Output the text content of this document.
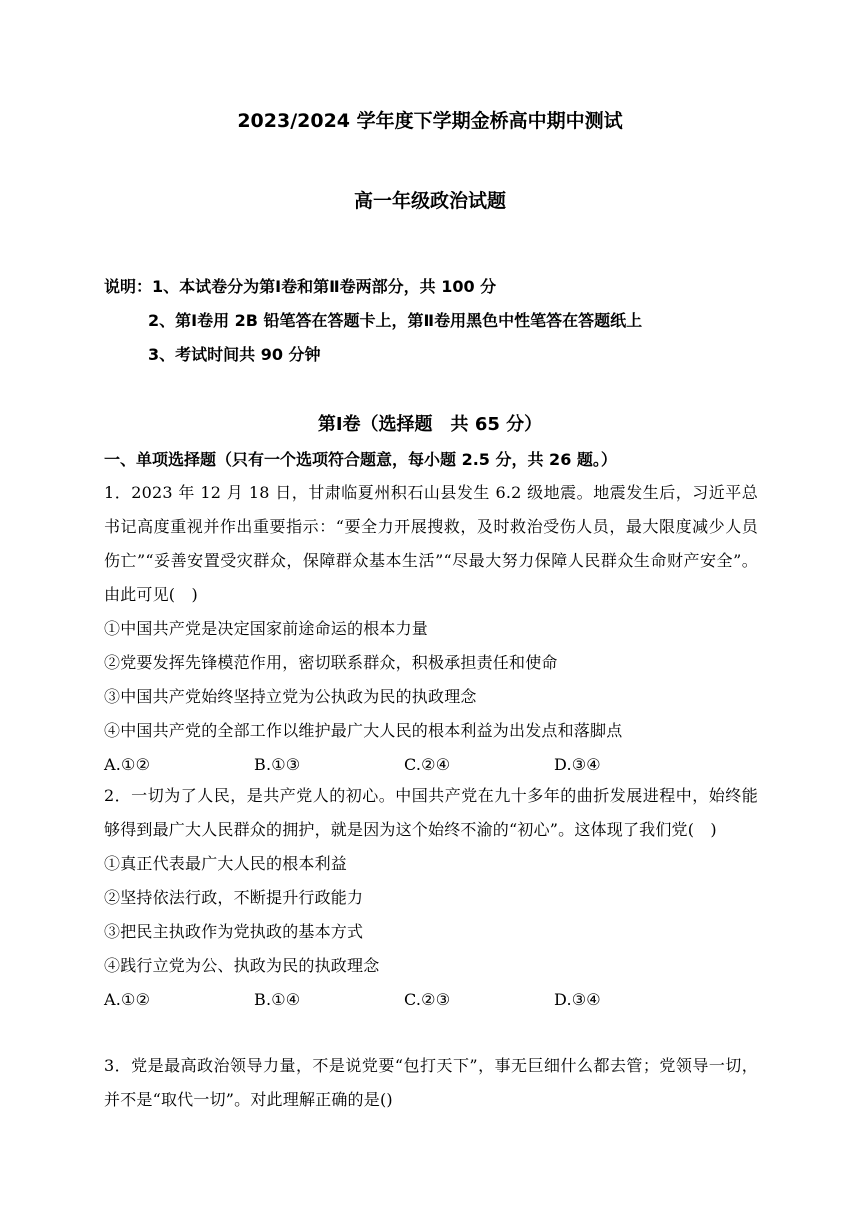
2023/2024 学年度下学期金桥高中期中测试
高一年级政治试题
说明：1、本试卷分为第Ⅰ卷和第Ⅱ卷两部分，共 100 分
2、第Ⅰ卷用 2B 铅笔答在答题卡上，第Ⅱ卷用黑色中性笔答在答题纸上
3、考试时间共 90 分钟
第Ⅰ卷（选择题　共 65 分）
一、单项选择题（只有一个选项符合题意，每小题 2.5 分，共 26 题。）

1．2023 年 12 月 18 日，甘肃临夏州积石山县发生 6.2 级地震。地震发生后，习近平总书记高度重视并作出重要指示：“要全力开展搜救，及时救治受伤人员，最大限度减少人员伤亡”“妥善安置受灾群众，保障群众基本生活”“尽最大努力保障人民群众生命财产安全”。由此可见(　)

①中国共产党是决定国家前途命运的根本力量

②党要发挥先锋模范作用，密切联系群众，积极承担责任和使命

③中国共产党始终坚持立党为公执政为民的执政理念

④中国共产党的全部工作以维护最广大人民的根本利益为出发点和落脚点

A.①②	B.①③	C.②④	D.③④

2．一切为了人民，是共产党人的初心。中国共产党在九十多年的曲折发展进程中，始终能够得到最广大人民群众的拥护，就是因为这个始终不渝的“初心”。这体现了我们党(　)

①真正代表最广大人民的根本利益

②坚持依法行政，不断提升行政能力

③把民主执政作为党执政的基本方式

④践行立党为公、执政为民的执政理念

A.①②	B.①④	C.②③	D.③④

3．党是最高政治领导力量，不是说党要“包打天下”，事无巨细什么都去管；党领导一切，并不是“取代一切”。对此理解正确的是()
